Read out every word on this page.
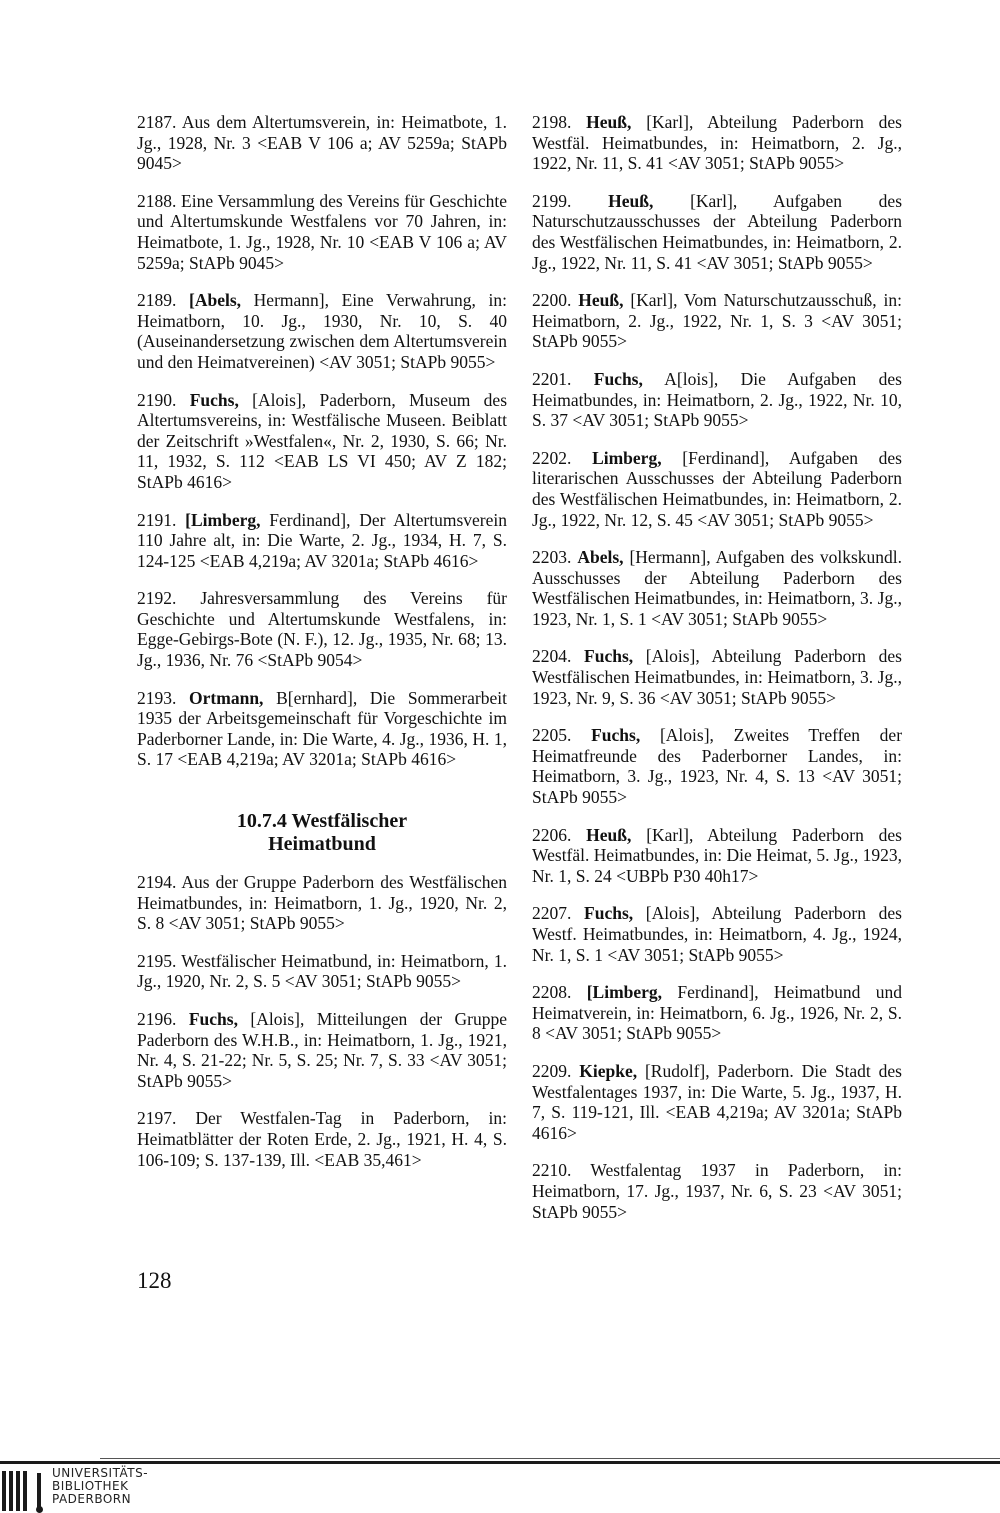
2187. Aus dem Altertumsverein, in: Heimatbote, 1. Jg., 1928, Nr. 3 <EAB V 106 a; AV 5259a; StAPb 9045>

2188. Eine Versammlung des Vereins für Geschichte und Altertumskunde Westfalens vor 70 Jahren, in: Heimatbote, 1. Jg., 1928, Nr. 10 <EAB V 106 a; AV 5259a; StAPb 9045>

2189. [Abels, Hermann], Eine Verwahrung, in: Heimatborn, 10. Jg., 1930, Nr. 10, S. 40 (Auseinandersetzung zwischen dem Altertumsverein und den Heimatvereinen) <AV 3051; StAPb 9055>

2190. Fuchs, [Alois], Paderborn, Museum des Altertumsvereins, in: Westfälische Museen. Beiblatt der Zeitschrift »Westfalen«, Nr. 2, 1930, S. 66; Nr. 11, 1932, S. 112 <EAB LS VI 450; AV Z 182; StAPb 4616>

2191. [Limberg, Ferdinand], Der Altertumsverein 110 Jahre alt, in: Die Warte, 2. Jg., 1934, H. 7, S. 124-125 <EAB 4,219a; AV 3201a; StAPb 4616>

2192. Jahresversammlung des Vereins für Geschichte und Altertumskunde Westfalens, in: Egge-Gebirgs-Bote (N. F.), 12. Jg., 1935, Nr. 68; 13. Jg., 1936, Nr. 76 <StAPb 9054>

2193. Ortmann, B[ernhard], Die Sommerarbeit 1935 der Arbeitsgemeinschaft für Vorgeschichte im Paderborner Lande, in: Die Warte, 4. Jg., 1936, H. 1, S. 17 <EAB 4,219a; AV 3201a; StAPb 4616>

10.7.4 Westfälischer
Heimatbund

2194. Aus der Gruppe Paderborn des Westfälischen Heimatbundes, in: Heimatborn, 1. Jg., 1920, Nr. 2, S. 8 <AV 3051; StAPb 9055>

2195. Westfälischer Heimatbund, in: Heimatborn, 1. Jg., 1920, Nr. 2, S. 5 <AV 3051; StAPb 9055>

2196. Fuchs, [Alois], Mitteilungen der Gruppe Paderborn des W.H.B., in: Heimatborn, 1. Jg., 1921, Nr. 4, S. 21-22; Nr. 5, S. 25; Nr. 7, S. 33 <AV 3051; StAPb 9055>

2197. Der Westfalen-Tag in Paderborn, in: Heimatblätter der Roten Erde, 2. Jg., 1921, H. 4, S. 106-109; S. 137-139, Ill. <EAB 35,461>

2198. Heuß, [Karl], Abteilung Paderborn des Westfäl. Heimatbundes, in: Heimatborn, 2. Jg., 1922, Nr. 11, S. 41 <AV 3051; StAPb 9055>

2199. Heuß, [Karl], Aufgaben des Naturschutzausschusses der Abteilung Paderborn des Westfälischen Heimatbundes, in: Heimatborn, 2. Jg., 1922, Nr. 11, S. 41 <AV 3051; StAPb 9055>

2200. Heuß, [Karl], Vom Naturschutzausschuß, in: Heimatborn, 2. Jg., 1922, Nr. 1, S. 3 <AV 3051; StAPb 9055>

2201. Fuchs, A[lois], Die Aufgaben des Heimatbundes, in: Heimatborn, 2. Jg., 1922, Nr. 10, S. 37 <AV 3051; StAPb 9055>

2202. Limberg, [Ferdinand], Aufgaben des literarischen Ausschusses der Abteilung Paderborn des Westfälischen Heimatbundes, in: Heimatborn, 2. Jg., 1922, Nr. 12, S. 45 <AV 3051; StAPb 9055>

2203. Abels, [Hermann], Aufgaben des volkskundl. Ausschusses der Abteilung Paderborn des Westfälischen Heimatbundes, in: Heimatborn, 3. Jg., 1923, Nr. 1, S. 1 <AV 3051; StAPb 9055>

2204. Fuchs, [Alois], Abteilung Paderborn des Westfälischen Heimatbundes, in: Heimatborn, 3. Jg., 1923, Nr. 9, S. 36 <AV 3051; StAPb 9055>

2205. Fuchs, [Alois], Zweites Treffen der Heimatfreunde des Paderborner Landes, in: Heimatborn, 3. Jg., 1923, Nr. 4, S. 13 <AV 3051; StAPb 9055>

2206. Heuß, [Karl], Abteilung Paderborn des Westfäl. Heimatbundes, in: Die Heimat, 5. Jg., 1923, Nr. 1, S. 24 <UBPb P30 40h17>

2207. Fuchs, [Alois], Abteilung Paderborn des Westf. Heimatbundes, in: Heimatborn, 4. Jg., 1924, Nr. 1, S. 1 <AV 3051; StAPb 9055>

2208. [Limberg, Ferdinand], Heimatbund und Heimatverein, in: Heimatborn, 6. Jg., 1926, Nr. 2, S. 8 <AV 3051; StAPb 9055>

2209. Kiepke, [Rudolf], Paderborn. Die Stadt des Westfalentages 1937, in: Die Warte, 5. Jg., 1937, H. 7, S. 119-121, Ill. <EAB 4,219a; AV 3201a; StAPb 4616>

2210. Westfalentag 1937 in Paderborn, in: Heimatborn, 17. Jg., 1937, Nr. 6, S. 23 <AV 3051; StAPb 9055>

128
UNIVERSITÄTS-
BIBLIOTHEK
PADERBORN
